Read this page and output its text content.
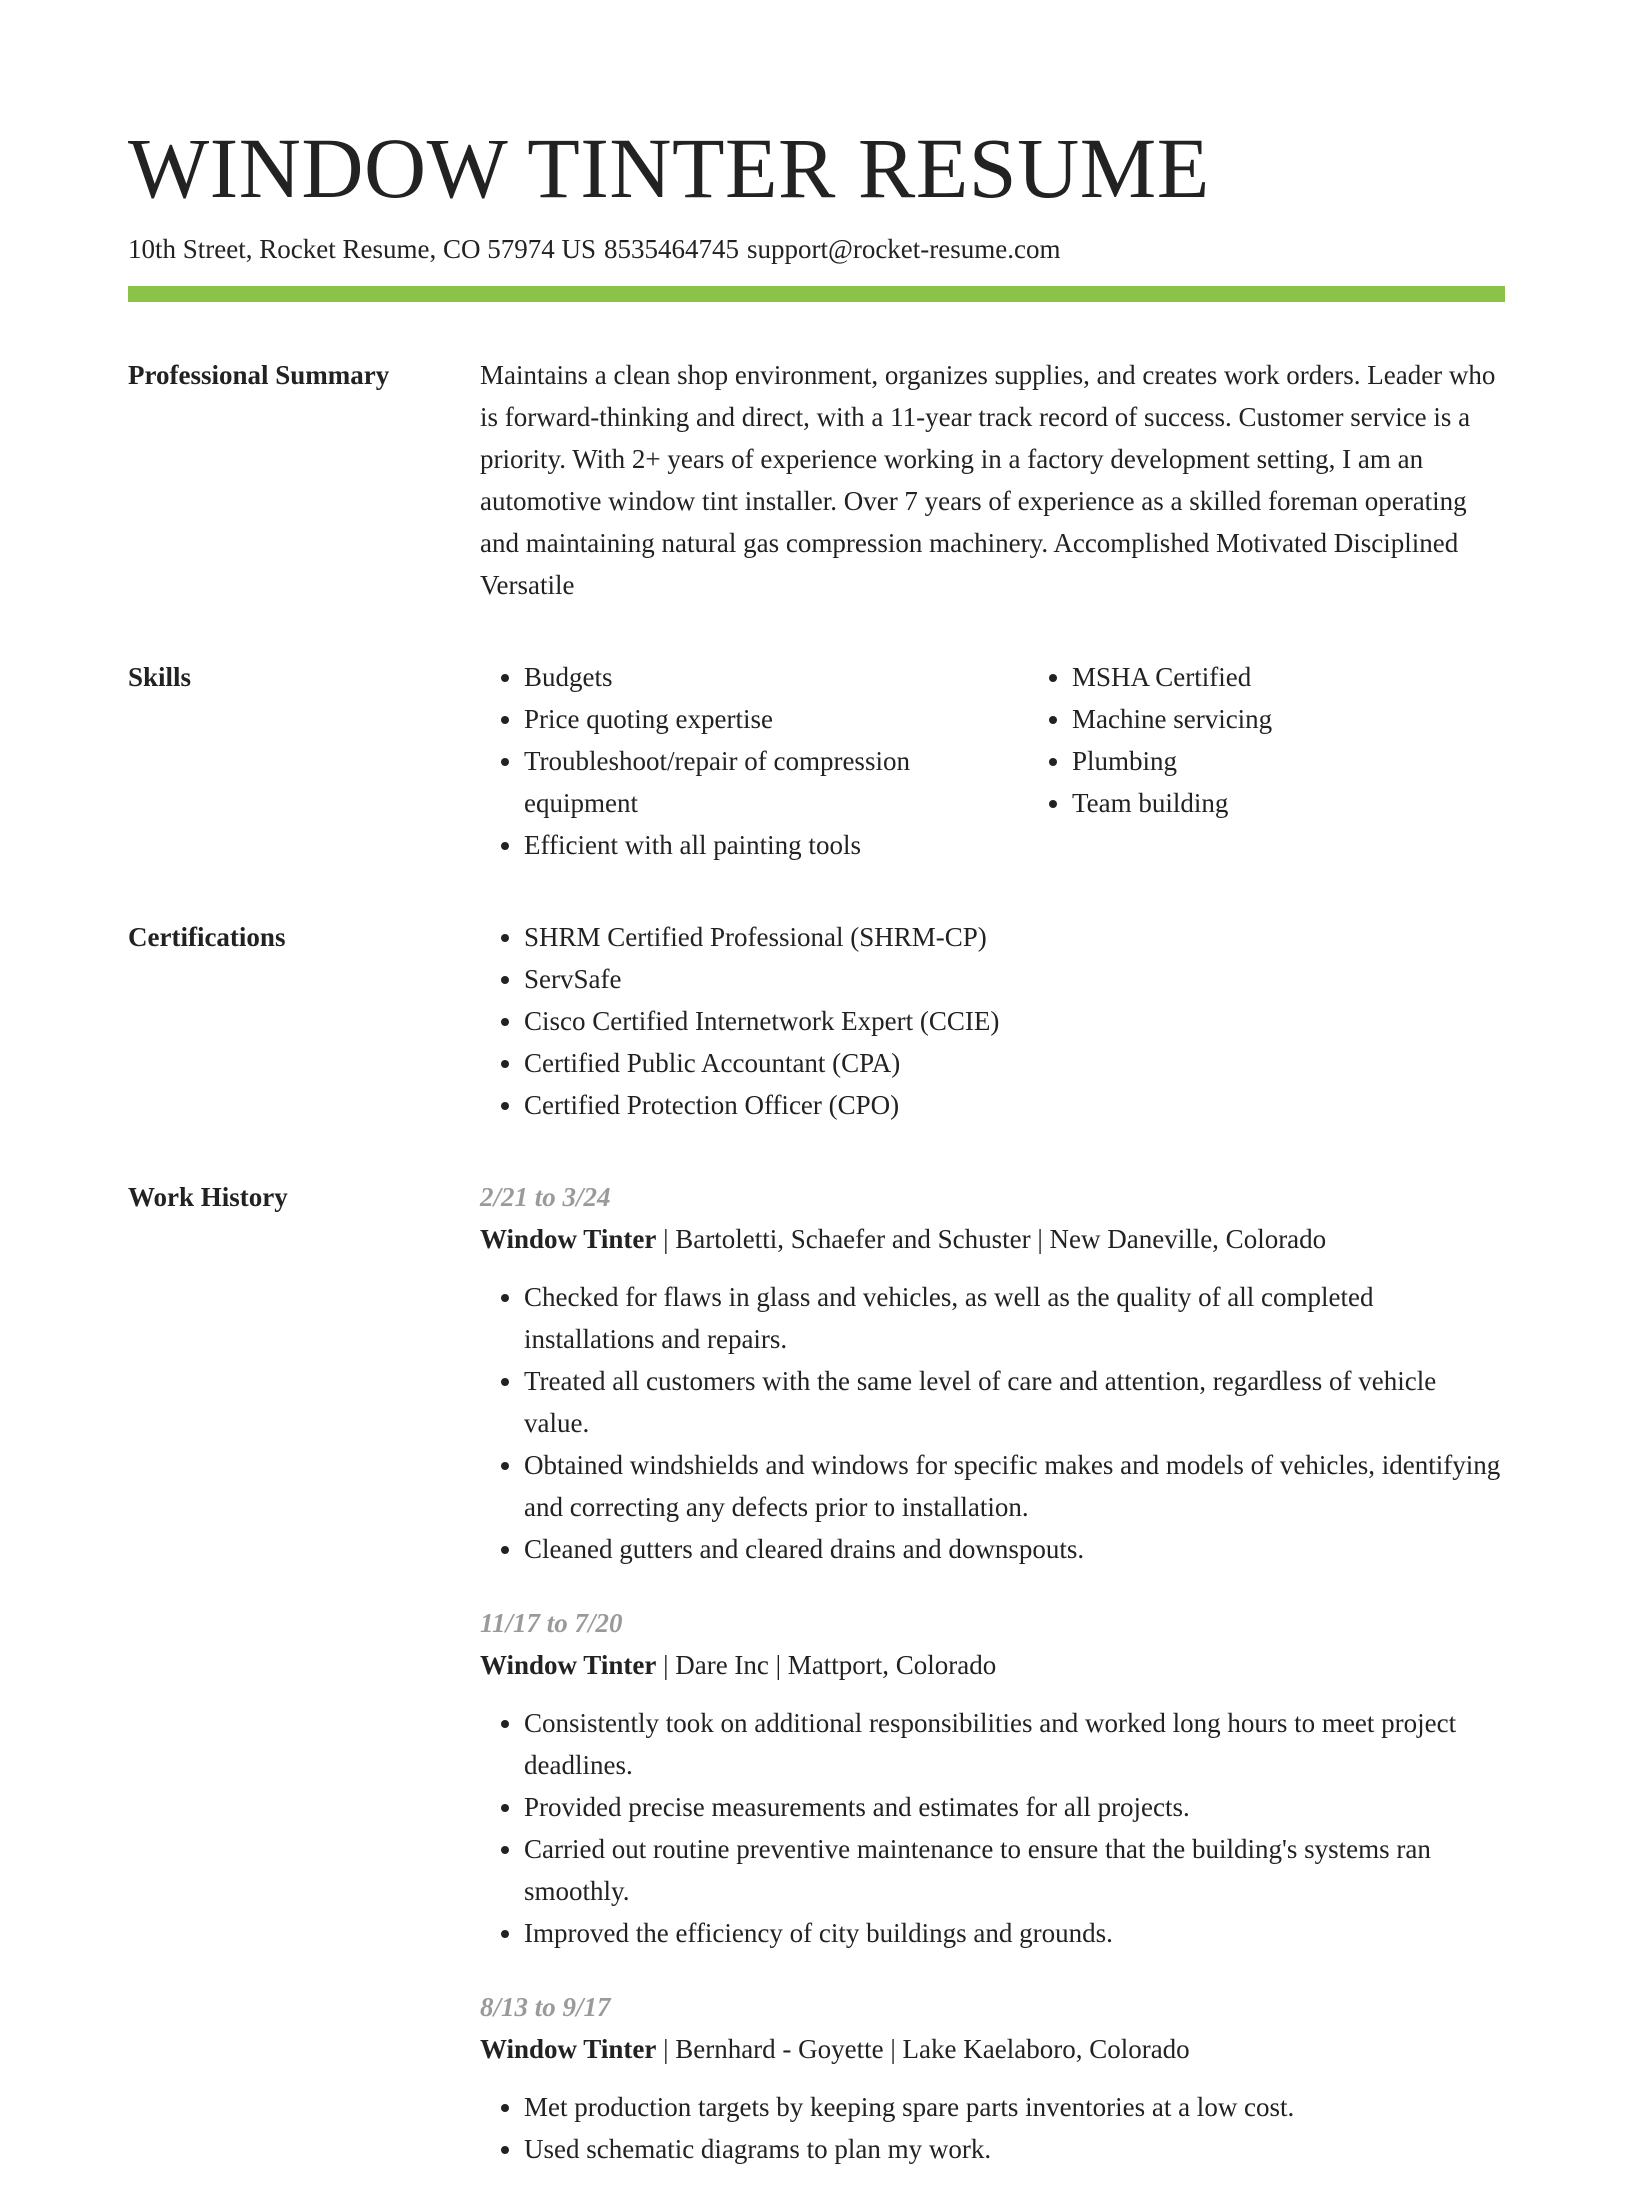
WINDOW TINTER RESUME
10th Street, Rocket Resume, CO 57974 US 8535464745 support@rocket-resume.com
Professional Summary	Maintains a clean shop environment, organizes supplies, and creates work orders. Leader who is forward-thinking and direct, with a 11-year track record of success. Customer service is a priority. With 2+ years of experience working in a factory development setting, I am an automotive window tint installer. Over 7 years of experience as a skilled foreman operating and maintaining natural gas compression machinery. Accomplished Motivated Disciplined Versatile

Skills	• Budgets
• Price quoting expertise
• Troubleshoot/repair of compression equipment
• Efficient with all painting tools
• MSHA Certified
• Machine servicing
• Plumbing
• Team building
Certifications	• SHRM Certified Professional (SHRM-CP)
• ServSafe
• Cisco Certified Internetwork Expert (CCIE)
• Certified Public Accountant (CPA)
• Certified Protection Officer (CPO)
Work History	2/21 to 3/24
Window Tinter | Bartoletti, Schaefer and Schuster | New Daneville, Colorado
• Checked for flaws in glass and vehicles, as well as the quality of all completed installations and repairs.
• Treated all customers with the same level of care and attention, regardless of vehicle value.
• Obtained windshields and windows for specific makes and models of vehicles, identifying and correcting any defects prior to installation.
• Cleaned gutters and cleared drains and downspouts.
11/17 to 7/20
Window Tinter | Dare Inc | Mattport, Colorado
• Consistently took on additional responsibilities and worked long hours to meet project deadlines.
• Provided precise measurements and estimates for all projects.
• Carried out routine preventive maintenance to ensure that the building's systems ran smoothly.
• Improved the efficiency of city buildings and grounds.
8/13 to 9/17
Window Tinter | Bernhard - Goyette | Lake Kaelaboro, Colorado
• Met production targets by keeping spare parts inventories at a low cost.
• Used schematic diagrams to plan my work.
